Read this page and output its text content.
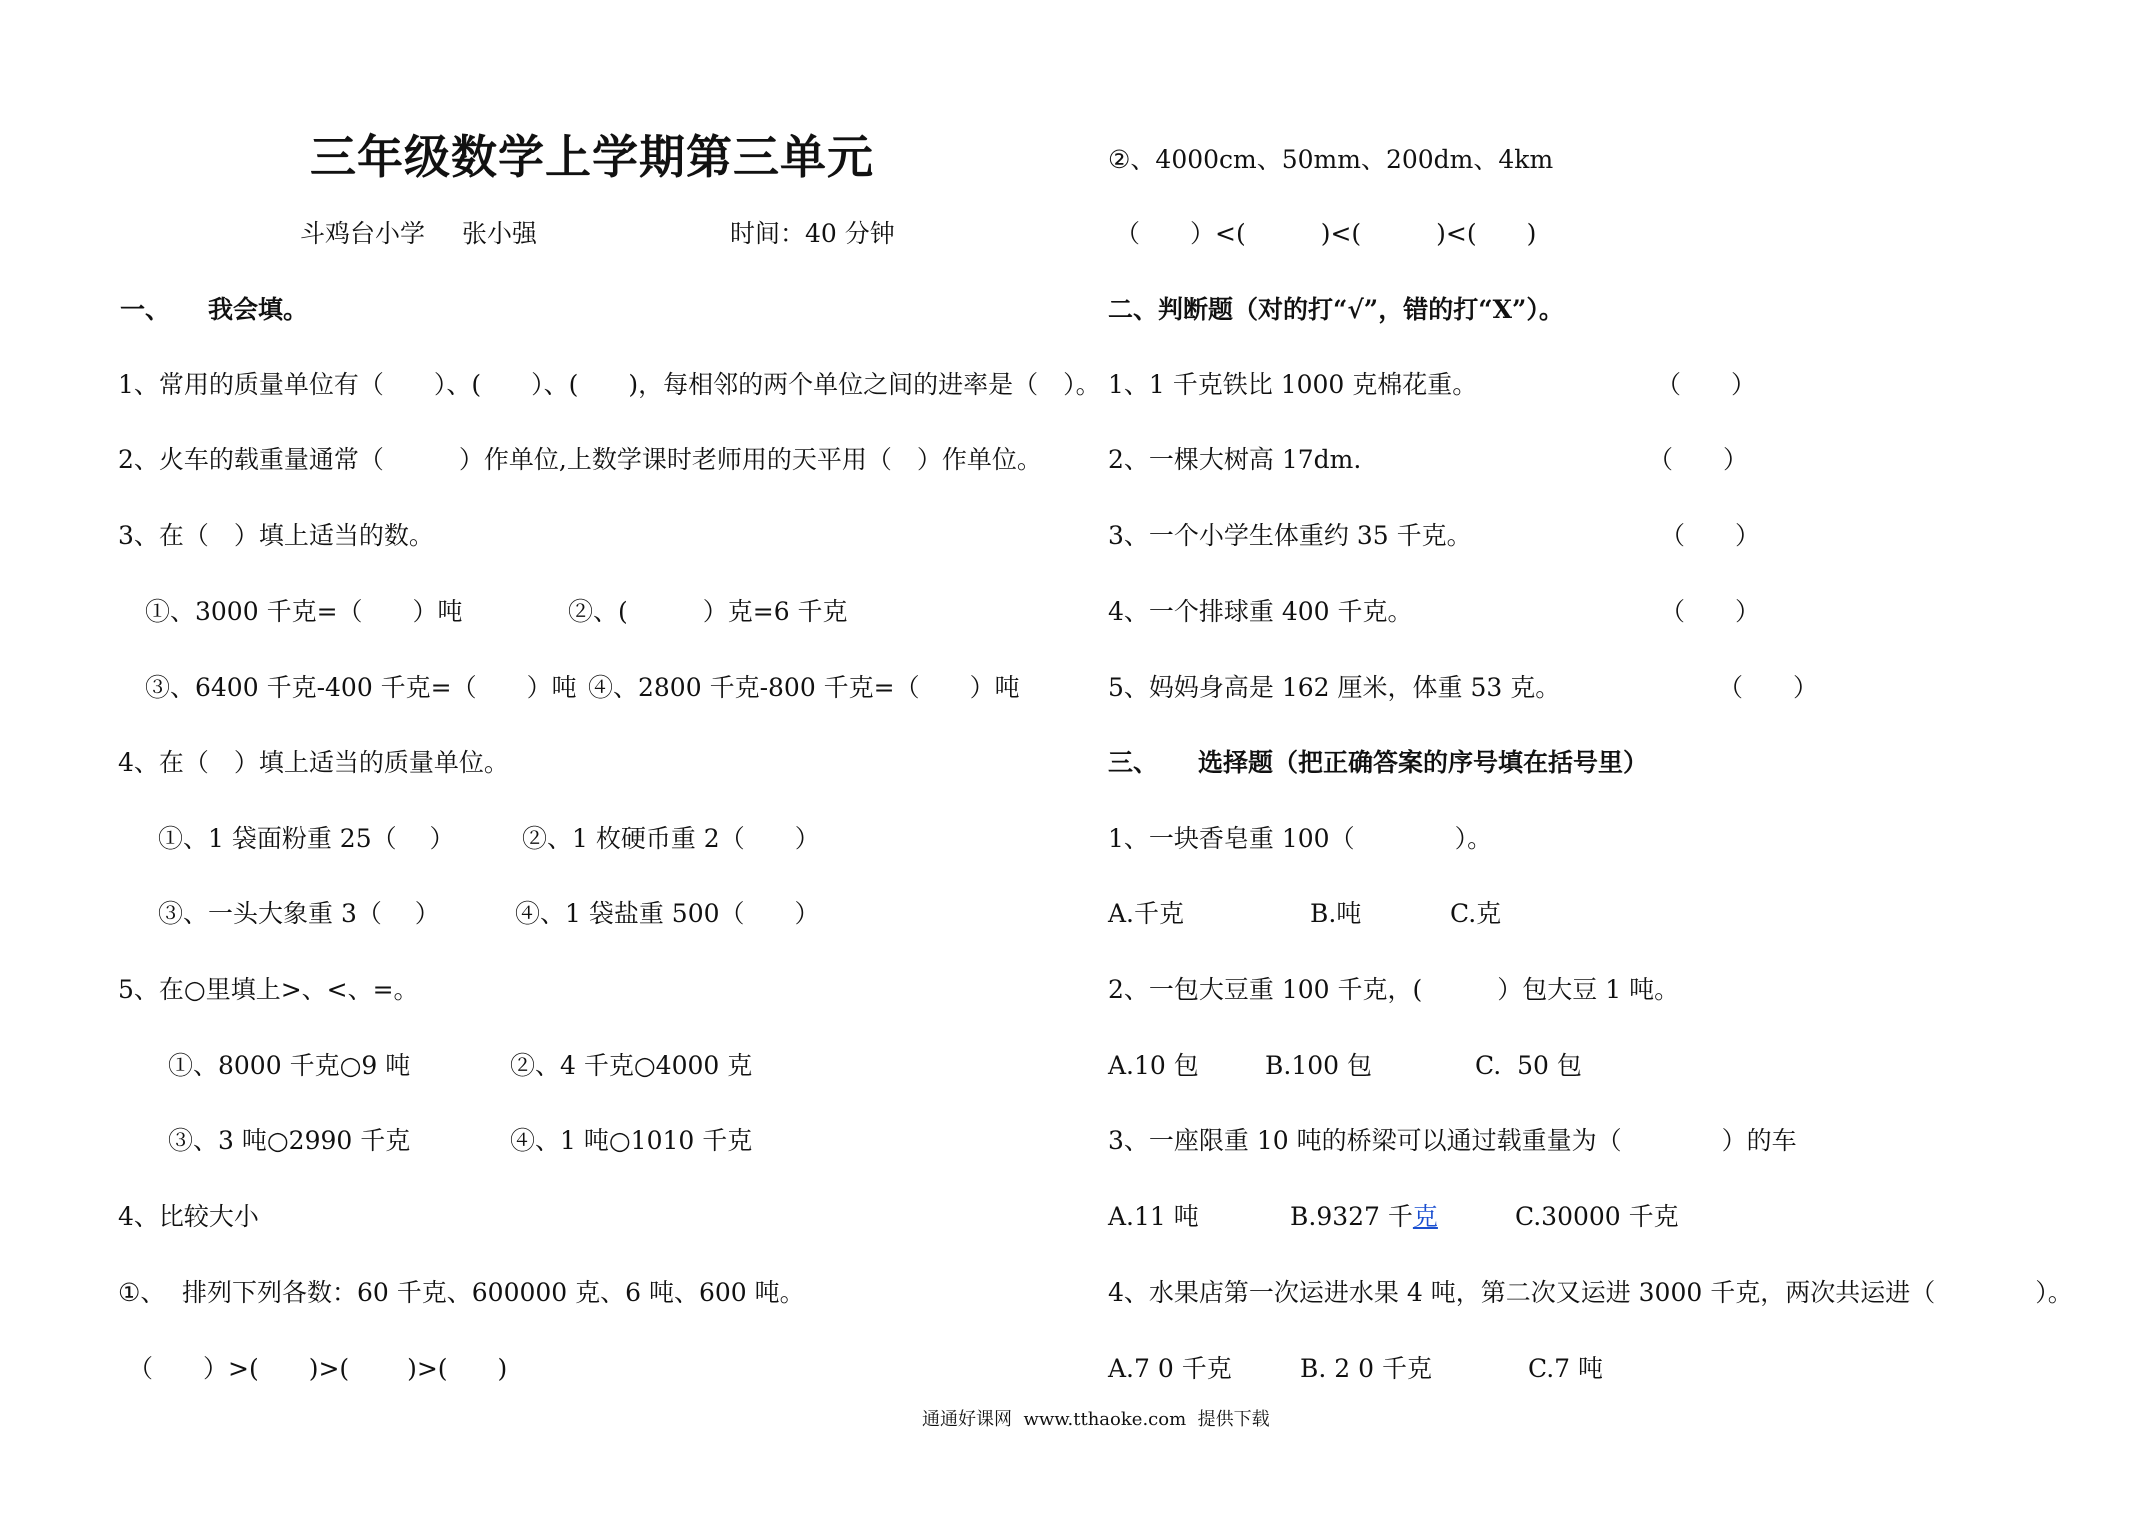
三年级数学上学期第三单元
斗鸡台小学 张小强	时间：40 分钟
一、 我会填。
1、常用的质量单位有（　　）、(　　）、(　　)，每相邻的两个单位之间的进率是（　）。
2、火车的载重量通常（　　　）作单位,上数学课时老师用的天平用（　）作单位。
3、在（　）填上适当的数。
①、3000 千克=（　　）吨	②、(　　　）克=6 千克
③、6400 千克-400 千克=（　　）吨 ④、2800 千克-800 千克=（　　）吨
4、在（　）填上适当的质量单位。
①、1 袋面粉重 25（　 ）	②、1 枚硬币重 2（　　）
③、一头大象重 3（　 ）	④、1 袋盐重 500（　　）
5、在○里填上>、<、=。
①、8000 千克○9 吨	②、4 千克○4000 克
③、3 吨○2990 千克	④、1 吨○1010 千克
4、比较大小
①、 排列下列各数：60 千克、600000 克、6 吨、600 吨。
（　　）>(　　)>(　　 )>(　　)
②、4000cm、50mm、200dm、4km
（　　）<(　　　)<(　　　)<(　　)
二、 判断题（对的打“√”，错的打“X”）。
1、1 千克铁比 1000 克棉花重。	（　　）
2、一棵大树高 17dm.	（　　）
3、一个小学生体重约 35 千克。	（　　）
4、一个排球重 400 千克。	（　　）
5、妈妈身高是 162 厘米，体重 53 克。	（　　）
三、 选择题（把正确答案的序号填在括号里）
1、一块香皂重 100（　　　　）。
A.千克	B.吨	C.克
2、一包大豆重 100 千克，(　　　）包大豆 1 吨。
A.10 包	B.100 包	C.  50 包
3、一座限重 10 吨的桥梁可以通过载重量为（　　　　）的车
A.11 吨	B.9327 千克	C.30000 千克
4、水果店第一次运进水果 4 吨，第二次又运进 3000 千克，两次共运进（　　　　）。
A.7 0 千克	B. 2 0 千克	C.7 吨
通通好课网  www.tthaoke.com  提供下载
